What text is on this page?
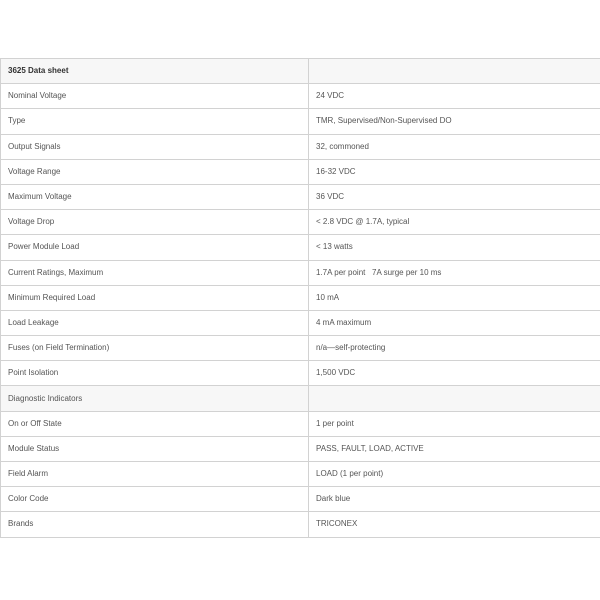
3625 Data sheet	
Nominal Voltage	24 VDC
Type	TMR, Supervised/Non-Supervised DO
Output Signals	32, commoned
Voltage Range	16-32 VDC
Maximum Voltage	36 VDC
Voltage Drop	< 2.8 VDC @ 1.7A, typical
Power Module Load	< 13 watts
Current Ratings, Maximum	1.7A per point   7A surge per 10 ms
Minimum Required Load	10 mA
Load Leakage	4 mA maximum
Fuses (on Field Termination)	n/a—self-protecting
Point Isolation	1,500 VDC
Diagnostic Indicators	
On or Off State	1 per point
Module Status	PASS, FAULT, LOAD, ACTIVE
Field Alarm	LOAD (1 per point)
Color Code	Dark blue
Brands	TRICONEX
